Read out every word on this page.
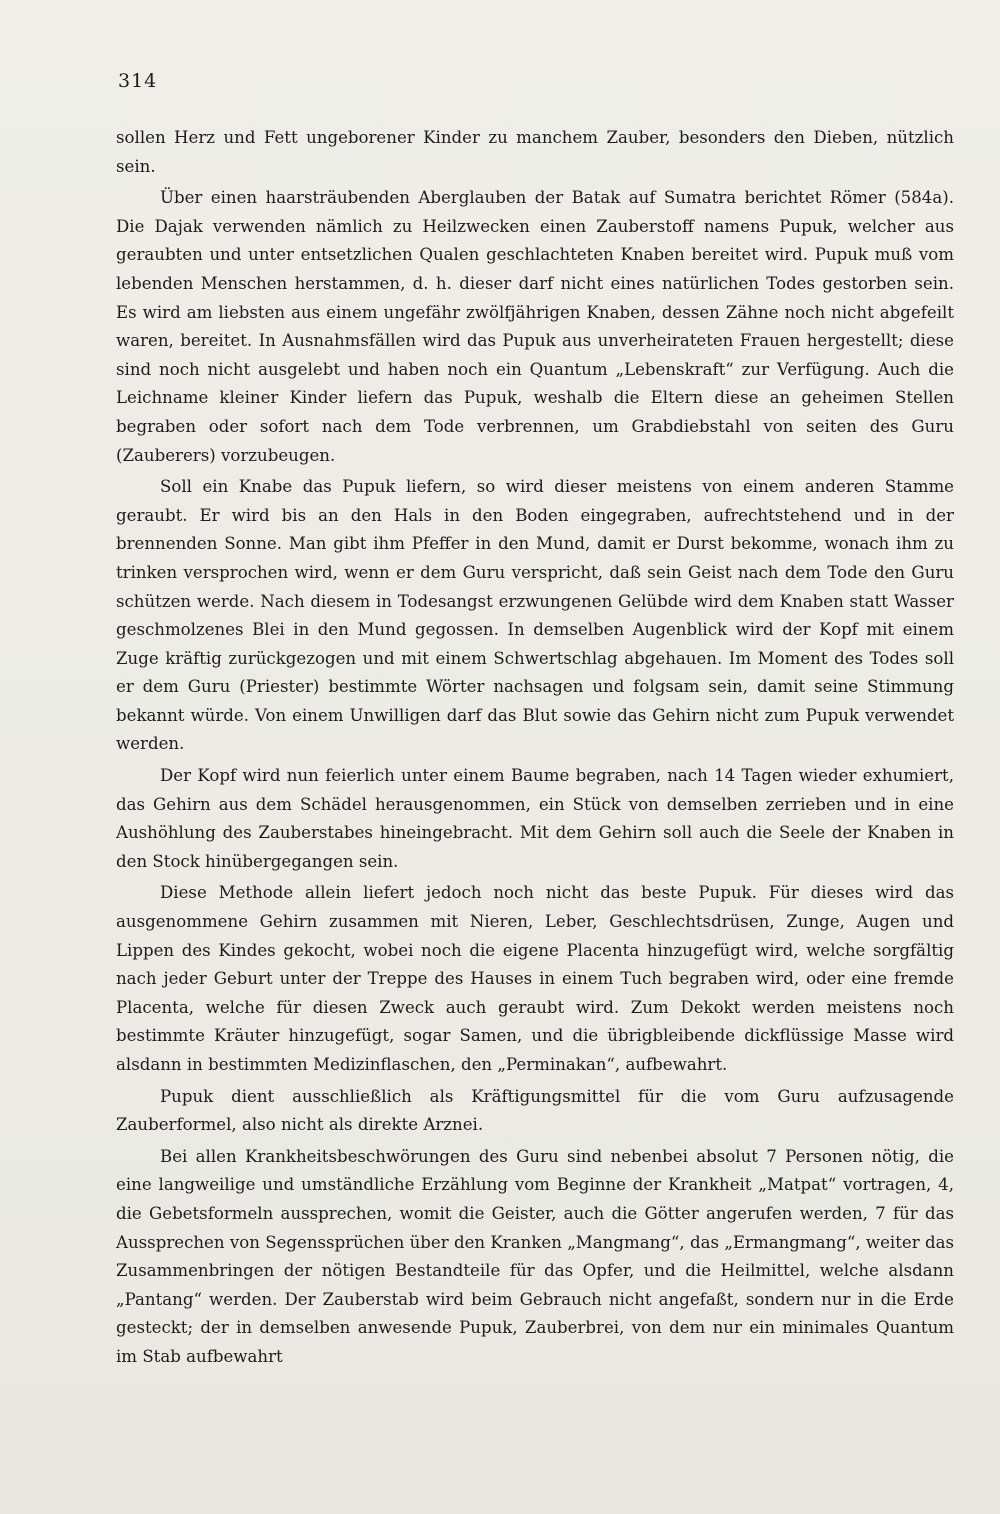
314

sollen Herz und Fett ungeborener Kinder zu manchem Zauber, besonders den Dieben, nützlich sein.

Über einen haarsträubenden Aberglauben der Batak auf Sumatra berichtet Römer (584a). Die Dajak verwenden nämlich zu Heilzwecken einen Zauberstoff namens Pupuk, welcher aus geraubten und unter entsetzlichen Qualen geschlachteten Knaben bereitet wird. Pupuk muß vom lebenden Menschen herstammen, d. h. dieser darf nicht eines natürlichen Todes gestorben sein. Es wird am liebsten aus einem ungefähr zwölfjährigen Knaben, dessen Zähne noch nicht abgefeilt waren, bereitet. In Ausnahmsfällen wird das Pupuk aus unverheirateten Frauen hergestellt; diese sind noch nicht ausgelebt und haben noch ein Quantum „Lebenskraft“ zur Verfügung. Auch die Leichname kleiner Kinder liefern das Pupuk, weshalb die Eltern diese an geheimen Stellen begraben oder sofort nach dem Tode verbrennen, um Grabdiebstahl von seiten des Guru (Zauberers) vorzubeugen.

Soll ein Knabe das Pupuk liefern, so wird dieser meistens von einem anderen Stamme geraubt. Er wird bis an den Hals in den Boden eingegraben, aufrechtstehend und in der brennenden Sonne. Man gibt ihm Pfeffer in den Mund, damit er Durst bekomme, wonach ihm zu trinken versprochen wird, wenn er dem Guru verspricht, daß sein Geist nach dem Tode den Guru schützen werde. Nach diesem in Todesangst erzwungenen Gelübde wird dem Knaben statt Wasser geschmolzenes Blei in den Mund gegossen. In demselben Augenblick wird der Kopf mit einem Zuge kräftig zurückgezogen und mit einem Schwertschlag abgehauen. Im Moment des Todes soll er dem Guru (Priester) bestimmte Wörter nachsagen und folgsam sein, damit seine Stimmung bekannt würde. Von einem Unwilligen darf das Blut sowie das Gehirn nicht zum Pupuk verwendet werden.

Der Kopf wird nun feierlich unter einem Baume begraben, nach 14 Tagen wieder exhumiert, das Gehirn aus dem Schädel herausgenommen, ein Stück von demselben zerrieben und in eine Aushöhlung des Zauberstabes hineingebracht. Mit dem Gehirn soll auch die Seele der Knaben in den Stock hinübergegangen sein.

Diese Methode allein liefert jedoch noch nicht das beste Pupuk. Für dieses wird das ausgenommene Gehirn zusammen mit Nieren, Leber, Geschlechtsdrüsen, Zunge, Augen und Lippen des Kindes gekocht, wobei noch die eigene Placenta hinzugefügt wird, welche sorgfältig nach jeder Geburt unter der Treppe des Hauses in einem Tuch begraben wird, oder eine fremde Placenta, welche für diesen Zweck auch geraubt wird. Zum Dekokt werden meistens noch bestimmte Kräuter hinzugefügt, sogar Samen, und die übrigbleibende dickflüssige Masse wird alsdann in bestimmten Medizinflaschen, den „Perminakan“, aufbewahrt.

Pupuk dient ausschließlich als Kräftigungsmittel für die vom Guru aufzusagende Zauberformel, also nicht als direkte Arznei.

Bei allen Krankheitsbeschwörungen des Guru sind nebenbei absolut 7 Personen nötig, die eine langweilige und umständliche Erzählung vom Beginne der Krankheit „Matpat“ vortragen, 4, die Gebetsformeln aussprechen, womit die Geister, auch die Götter angerufen werden, 7 für das Aussprechen von Segenssprüchen über den Kranken „Mangmang“, das „Ermangmang“, weiter das Zusammenbringen der nötigen Bestandteile für das Opfer, und die Heilmittel, welche alsdann „Pantang“ werden. Der Zauberstab wird beim Gebrauch nicht angefaßt, sondern nur in die Erde gesteckt; der in demselben anwesende Pupuk, Zauberbrei, von dem nur ein minimales Quantum im Stab aufbewahrt
